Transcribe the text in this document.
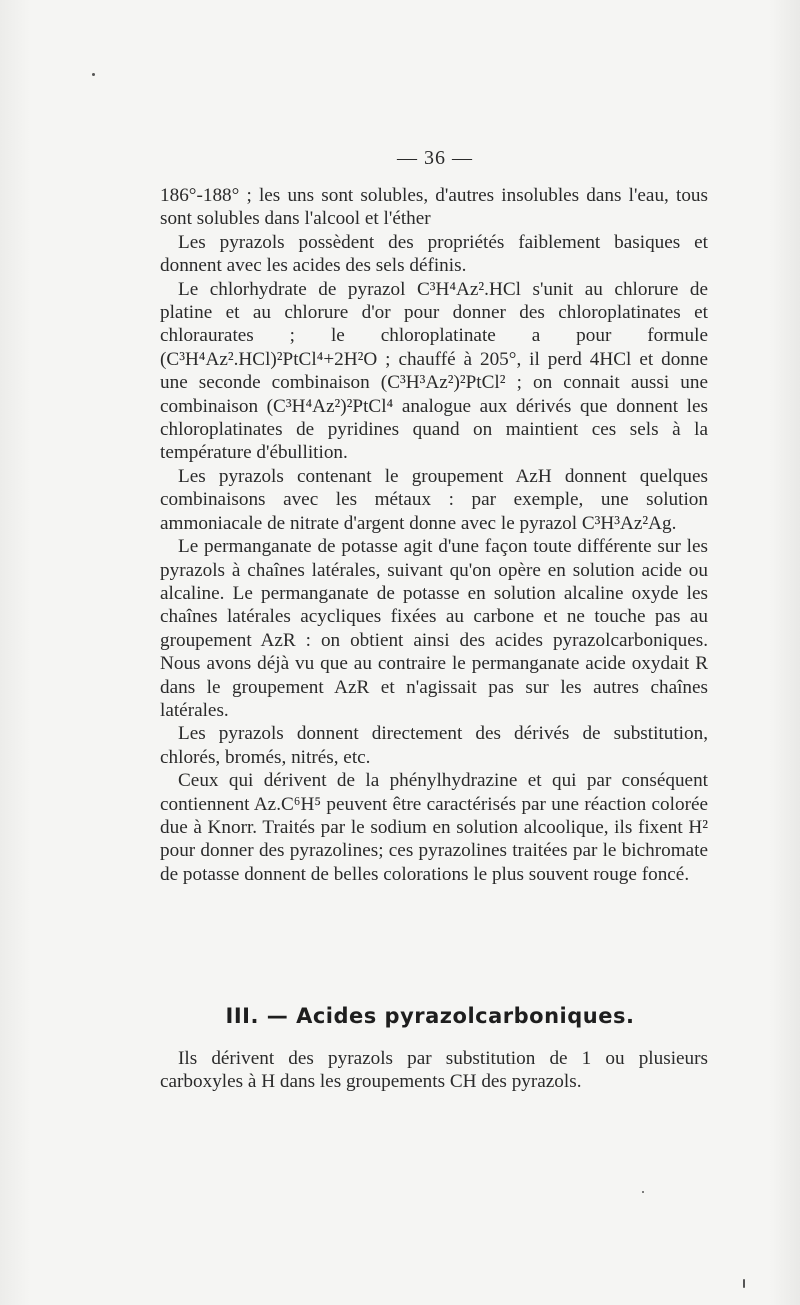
— 36 —

186°-188° ; les uns sont solubles, d'autres insolubles dans l'eau, tous sont solubles dans l'alcool et l'éther

Les pyrazols possèdent des propriétés faiblement basiques et donnent avec les acides des sels définis.

Le chlorhydrate de pyrazol C³H⁴Az².HCl s'unit au chlorure de platine et au chlorure d'or pour donner des chloroplatinates et chloraurates ; le chloroplatinate a pour formule (C³H⁴Az².HCl)²PtCl⁴+2H²O ; chauffé à 205°, il perd 4HCl et donne une seconde combinaison (C³H³Az²)²PtCl² ; on connait aussi une combinaison (C³H⁴Az²)²PtCl⁴ analogue aux dérivés que donnent les chloroplatinates de pyridines quand on maintient ces sels à la température d'ébullition.

Les pyrazols contenant le groupement AzH donnent quelques combinaisons avec les métaux : par exemple, une solution ammoniacale de nitrate d'argent donne avec le pyrazol C³H³Az²Ag.

Le permanganate de potasse agit d'une façon toute différente sur les pyrazols à chaînes latérales, suivant qu'on opère en solution acide ou alcaline. Le permanganate de potasse en solution alcaline oxyde les chaînes latérales acycliques fixées au carbone et ne touche pas au groupement AzR : on obtient ainsi des acides pyrazolcarboniques. Nous avons déjà vu que au contraire le permanganate acide oxydait R dans le groupement AzR et n'agissait pas sur les autres chaînes latérales.

Les pyrazols donnent directement des dérivés de substitution, chlorés, bromés, nitrés, etc.

Ceux qui dérivent de la phénylhydrazine et qui par conséquent contiennent Az.C⁶H⁵ peuvent être caractérisés par une réaction colorée due à Knorr. Traités par le sodium en solution alcoolique, ils fixent H² pour donner des pyrazolines; ces pyrazolines traitées par le bichromate de potasse donnent de belles colorations le plus souvent rouge foncé.

III. — Acides pyrazolcarboniques.

Ils dérivent des pyrazols par substitution de 1 ou plusieurs carboxyles à H dans les groupements CH des pyrazols.
